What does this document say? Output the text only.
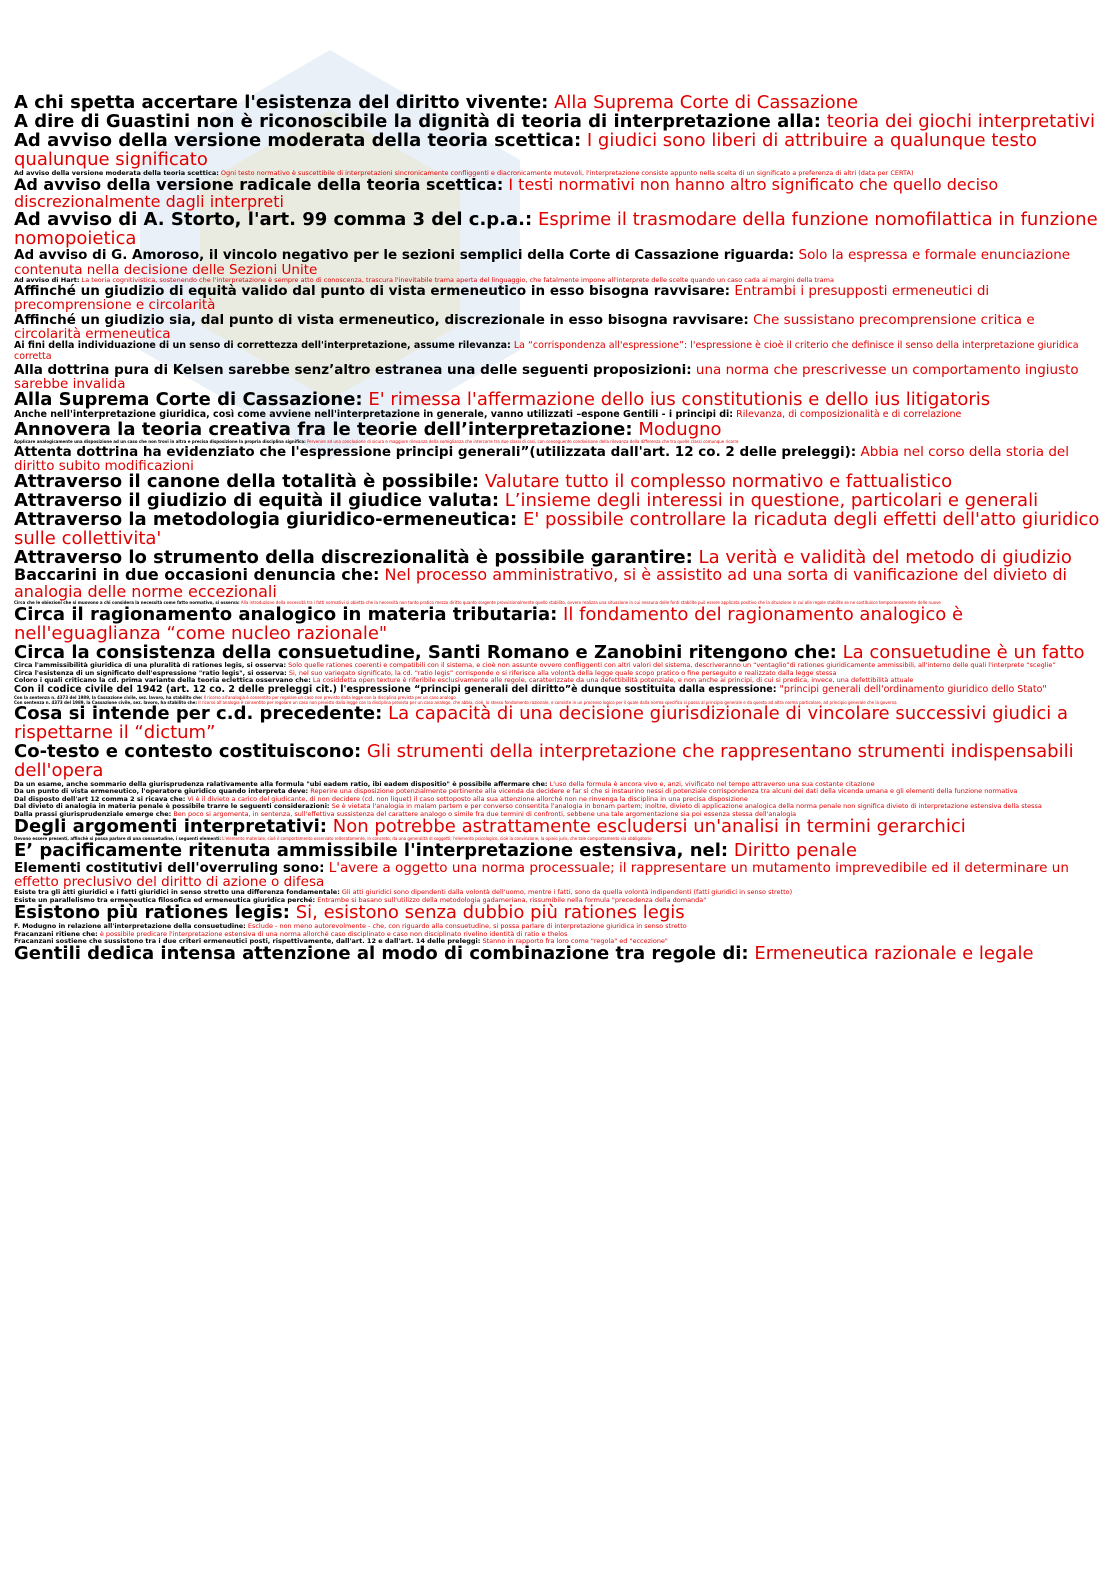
A chi spetta accertare l'esistenza del diritto vivente: Alla Suprema Corte di Cassazione

A dire di Guastini non è riconoscibile la dignità di teoria di interpretazione alla: teoria dei giochi interpretativi

Ad avviso della versione moderata della teoria scettica: I giudici sono liberi di attribuire a qualunque testo qualunque significato

Ad avviso della versione moderata della teoria scettica: Ogni testo normativo è suscettibile di interpretazioni sincronicamente confliggenti e diacronicamente mutevoli, l'interpretazione consiste appunto nella scelta di un significato a preferenza di altri (data per CERTA)

Ad avviso della versione radicale della teoria scettica: I testi normativi non hanno altro significato che quello deciso discrezionalmente dagli interpreti

Ad avviso di A. Storto, l'art. 99 comma 3 del c.p.a.: Esprime il trasmodare della funzione nomofilattica in funzione nomopoietica

Ad avviso di G. Amoroso, il vincolo negativo per le sezioni semplici della Corte di Cassazione riguarda: Solo la espressa e formale enunciazione contenuta nella decisione delle Sezioni Unite

Ad avviso di Hart: La teoria cognitivistica, sostenendo che l'interpretazione è sempre atto di conoscenza, trascura l'inevitabile trama aperta del linguaggio, che fatalmente impone all'interprete delle scelte quando un caso cada ai margini della trama

Affinché un giudizio di equità valido dal punto di vista ermeneutico in esso bisogna ravvisare: Entrambi i presupposti ermeneutici di precomprensione e circolarità

Affinché un giudizio sia, dal punto di vista ermeneutico, discrezionale in esso bisogna ravvisare: Che sussistano precomprensione critica e circolarità ermeneutica

Ai fini della individuazione di un senso di correttezza dell'interpretazione, assume rilevanza: La “corrispondenza all'espressione”: l'espressione è cioè il criterio che definisce il senso della interpretazione giuridica corretta

Alla dottrina pura di Kelsen sarebbe senz’altro estranea una delle seguenti proposizioni: una norma che prescrivesse un comportamento ingiusto sarebbe invalida

Alla Suprema Corte di Cassazione: E' rimessa l'affermazione dello ius constitutionis e dello ius litigatoris

Anche nell'interpretazione giuridica, così come avviene nell'interpretazione in generale, vanno utilizzati –espone Gentili - i principi di: Rilevanza, di composizionalità e di correlazione

Annovera la teoria creativa fra le teorie dell’interpretazione: Modugno

Applicare analogicamente una disposizione ad un caso che non trovi in altra e precisa disposizione la propria disciplina significa: Pervenire ad una conclusione di sicura e maggiore rilevanza della somiglianza che intercorre tra due classi di casi, con conseguente condivisione della rilevanza della differenza che tra quelle classi comunque ricorre

Attenta dottrina ha evidenziato che l'espressione principi generali”(utilizzata dall'art. 12 co. 2 delle preleggi): Abbia nel corso della storia del diritto subito modificazioni

Attraverso il canone della totalità è possibile: Valutare tutto il complesso normativo e fattualistico

Attraverso il giudizio di equità il giudice valuta: L’insieme degli interessi in questione, particolari e generali

Attraverso la metodologia giuridico-ermeneutica: E' possibile controllare la ricaduta degli effetti dell'atto giuridico sulle collettivita'

Attraverso lo strumento della discrezionalità è possibile garantire: La verità e validità del metodo di giudizio

Baccarini in due occasioni denuncia che: Nel processo amministrativo, si è assistito ad una sorta di vanificazione del divieto di analogia delle norme eccezionali

Circa che le obiezioni che si muovono a chi considera la necessità come fatto normativo, si osserva: Alla introduzione della necessità tra i fatti normativi si obietta che la necessità non tanto pratico mezzo diritto quanto sorgente provvisionalmente quello stabilito, ovvero realizza una situazione in cui nessuna delle fonti stabilite può essere applicata positivo che la situazione in cui alle regole stabilite se ne sostituisce temporaneamente delle nuove

Circa il ragionamento analogico in materia tributaria: Il fondamento del ragionamento analogico è nell'eguaglianza “come nucleo razionale"

Circa la consistenza della consuetudine, Santi Romano e Zanobini ritengono che: La consuetudine è un fatto

Circa l'ammissibilità giuridica di una pluralità di rationes legis, si osserva: Solo quelle rationes coerenti e compatibili con il sistema, e cioè non assunte ovvero confliggenti con altri valori del sistema, descriveranno un “ventaglio”di rationes giuridicamente ammissibili, all'interno delle quali l'interprete “sceglie”

Circa l'esistenza di un significato dell'espressione "ratio legis", si osserva: Si, nel suo variegato significato, la cd. “ratio legis” corrisponde o si riferisce alla volontà della legge quale scopo pratico o fine perseguito e realizzato dalla legge stessa

Coloro i quali criticano la cd. prima variante della teoria eclettica osservano che: La cosiddetta open texture è riferibile esclusivamente alle regole, caratterizzate da una defettibilità potenziale, e non anche ai principi, di cui si predica, invece, una defettibilità attuale

Con il codice civile del 1942 (art. 12 co. 2 delle preleggi cit.) l'espressione “principi generali del diritto”è dunque sostituita dalla espressione: "principi generali dell'ordinamento giuridico dello Stato"

Con la sentenza n. 4373 del 1989, la Cassazione civile, sez. lavoro, ha stabilito che: Il ricorso all'analogia è consentito per regolare un caso non previsto dalla legge con la disciplina prevista per un caso analogo

Con sentenza n. 4373 del 1989, la Cassazione civile, sez. lavoro, ha stabilito che: Il ricorso all'analogia è consentito per regolare un caso non previsto dalla legge con la disciplina prevista per un caso analogo, che abbia, cioè, lo stesso fondamento razionale, e consiste in un processo logico per il quale dalla norma specifica si passa al principio generale e da questo ad altra norma particolare, ad principio generale che la governa

Cosa si intende per c.d. precedente: La capacità di una decisione giurisdizionale di vincolare successivi giudici a rispettarne il “dictum”

Co-testo e contesto costituiscono: Gli strumenti della interpretazione che rappresentano strumenti indispensabili dell'opera

Da un esame, anche sommario della giurisprudenza ralativamente alla formula "ubi eadem ratio, ibi eadem dispositio" è possibile affermare che: L'uso della formula è ancora vivo e, anzi, vivificato nel tempo attraverso una sua costante citazione

Da un punto di vista ermeneutico, l'operatore giuridico quando interpreta deve: Reperire una disposizione potenzialmente pertinente alla vicenda da decidere e far sì che si instaurino nessi di potenziale corrispondenza tra alcuni dei dati della vicenda umana e gli elementi della funzione normativa

Dal disposto dell'art 12 comma 2 si ricava che: Vi è il divieto a carico del giudicante, di non decidere (cd. non liquet) il caso sottoposto alla sua attenzione allorché non ne rinvenga la disciplina in una precisa disposizione

Dal divieto di analogia in materia penale è possibile trarre le seguenti considerazioni: Se è vietata l'analogia in malam partem e per converso consentita l'analogia in bonam partem; inoltre, divieto di applicazione analogica della norma penale non significa divieto di interpretazione estensiva della stessa

Dalla prassi giurisprudenziale emerge che: Ben poco si argomenta, in sentenza, sull'effettiva sussistenza del carattere analogo o simile fra due termini di confronti, sebbene una tale argomentazione sia poi essenza stessa dell'analogia

Degli argomenti interpretativi: Non potrebbe astrattamente escludersi un'analisi in termini gerarchici

Devono essere presenti, affinchè si possa parlare di una consuetudine, i seguenti elementi: L'elemento materiale, cioè il comportamento osservato reiteratamente, in concreto, da una generalità di soggetti; l'elemento psicologico, cioè la convinzione, la opinio juris, che tale comportamento sia obbligatorio

E’ pacificamente ritenuta ammissibile l'interpretazione estensiva, nel: Diritto penale

Elementi costitutivi dell'overruling sono: L'avere a oggetto una norma processuale; il rappresentare un mutamento imprevedibile ed il determinare un effetto preclusivo del diritto di azione o difesa

Esiste tra gli atti giuridici e i fatti giuridici in senso stretto una differenza fondamentale: Gli atti giuridici sono dipendenti dalla volontà dell'uomo, mentre i fatti, sono da quella volontà indipendenti (fatti giuridici in senso stretto)

Esiste un parallelismo tra ermeneutica filosofica ed ermeneutica giuridica perché: Entrambe si basano sull'utilizzo della metodologia gadameriana, rissumibile nella formula "precedenza della domanda"

Esistono più rationes legis: Si, esistono senza dubbio più rationes legis

F. Modugno in relazione all'interpretazione della consuetudine: Esclude - non meno autorevolmente - che, con riguardo alla consuetudine, si possa parlare di interpretazione giuridica in senso stretto

Fracanzani ritiene che: è possibile predicare l'interpretazione estensiva di una norma allorché caso disciplinato e caso non disciplinato rivelino identità di ratio e thelos

Fracanzani sostiene che sussistono tra i due criteri ermeneutici posti, rispettivamente, dall'art. 12 e dall'art. 14 delle preleggi: Stanno in rapporto fra loro come "regola" ed "eccezione"

Gentili dedica intensa attenzione al modo di combinazione tra regole di: Ermeneutica razionale e legale
